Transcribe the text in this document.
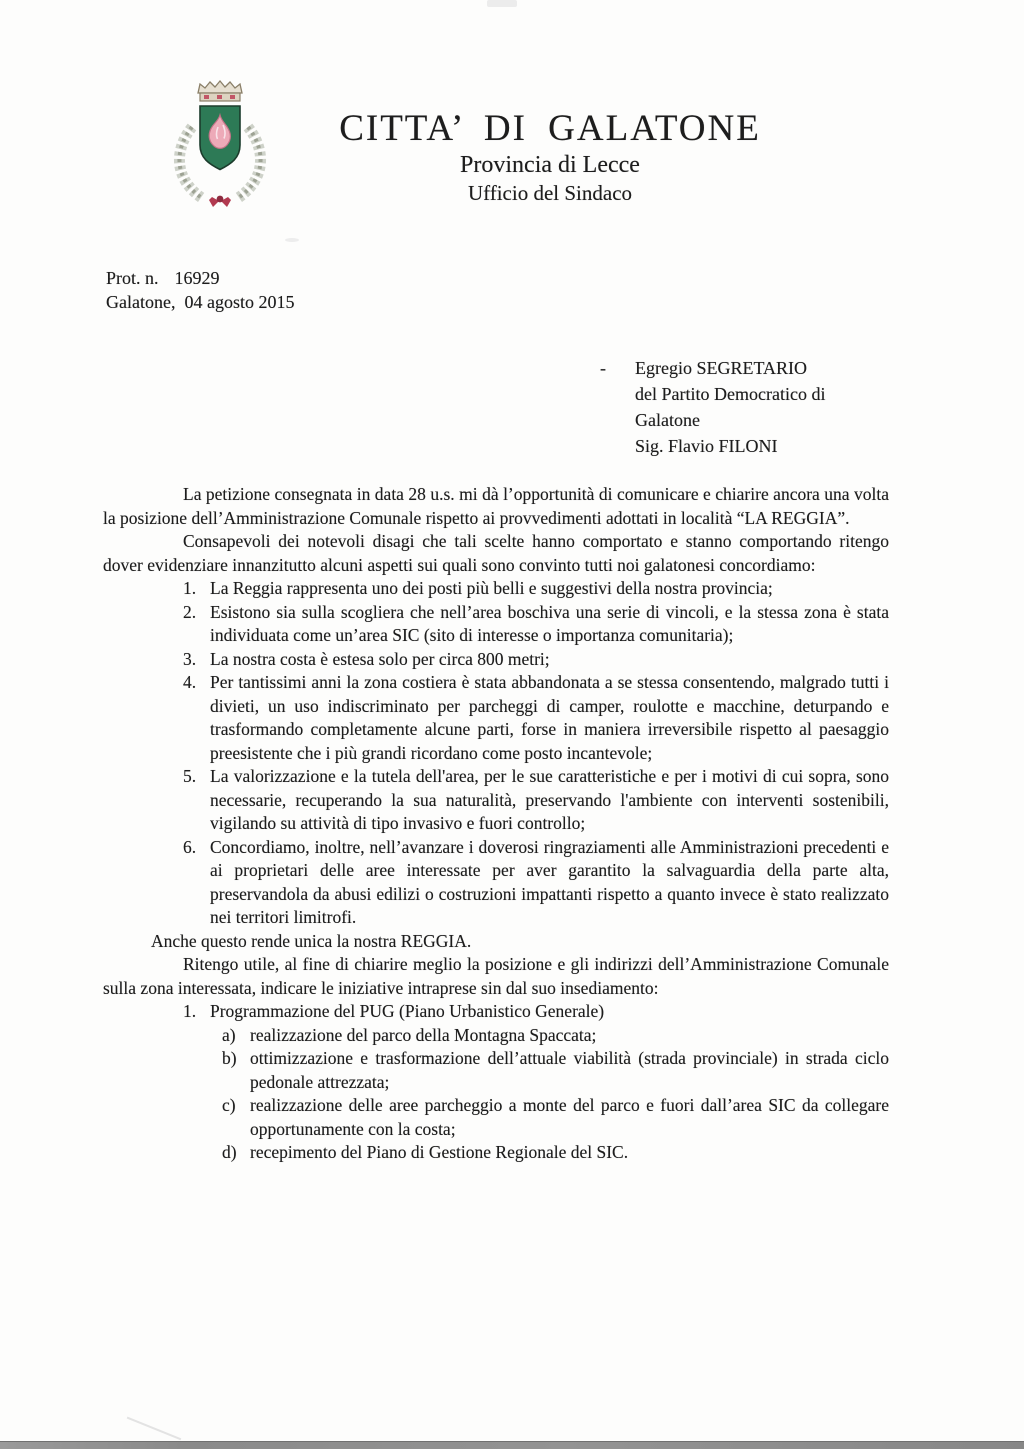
CITTA’ DI GALATONE
Provincia di Lecce
Ufficio del Sindaco
Prot. n. 16929
Galatone, 04 agosto 2015
-	Egregio SEGRETARIO
del Partito Democratico di
Galatone
Sig. Flavio FILONI

La petizione consegnata in data 28 u.s. mi dà l’opportunità di comunicare e chiarire ancora una volta la posizione dell’Amministrazione Comunale rispetto ai provvedimenti adottati in località “LA REGGIA”.

Consapevoli dei notevoli disagi che tali scelte hanno comportato e stanno comportando ritengo dover evidenziare innanzitutto alcuni aspetti sui quali sono convinto tutti noi galatonesi concordiamo:

1. La Reggia rappresenta uno dei posti più belli e suggestivi della nostra provincia;
2. Esistono sia sulla scogliera che nell’area boschiva una serie di vincoli, e la stessa zona è stata individuata come un’area SIC (sito di interesse o importanza comunitaria);
3. La nostra costa è estesa solo per circa 800 metri;
4. Per tantissimi anni la zona costiera è stata abbandonata a se stessa consentendo, malgrado tutti i divieti, un uso indiscriminato per parcheggi di camper, roulotte e macchine, deturpando e trasformando completamente alcune parti, forse in maniera irreversibile rispetto al paesaggio preesistente che i più grandi ricordano come posto incantevole;
5. La valorizzazione e la tutela dell'area, per le sue caratteristiche e per i motivi di cui sopra, sono necessarie, recuperando la sua naturalità, preservando l'ambiente con interventi sostenibili, vigilando su attività di tipo invasivo e fuori controllo;
6. Concordiamo, inoltre, nell’avanzare i doverosi ringraziamenti alle Amministrazioni precedenti e ai proprietari delle aree interessate per aver garantito la salvaguardia della parte alta, preservandola da abusi edilizi o costruzioni impattanti rispetto a quanto invece è stato realizzato nei territori limitrofi.

Anche questo rende unica la nostra REGGIA.

Ritengo utile, al fine di chiarire meglio la posizione e gli indirizzi dell’Amministrazione Comunale sulla zona interessata, indicare le iniziative intraprese sin dal suo insediamento:

1. Programmazione del PUG (Piano Urbanistico Generale)
a) realizzazione del parco della Montagna Spaccata;
b) ottimizzazione e trasformazione dell’attuale viabilità (strada provinciale) in strada ciclo pedonale attrezzata;
c) realizzazione delle aree parcheggio a monte del parco e fuori dall’area SIC da collegare opportunamente con la costa;
d) recepimento del Piano di Gestione Regionale del SIC.
